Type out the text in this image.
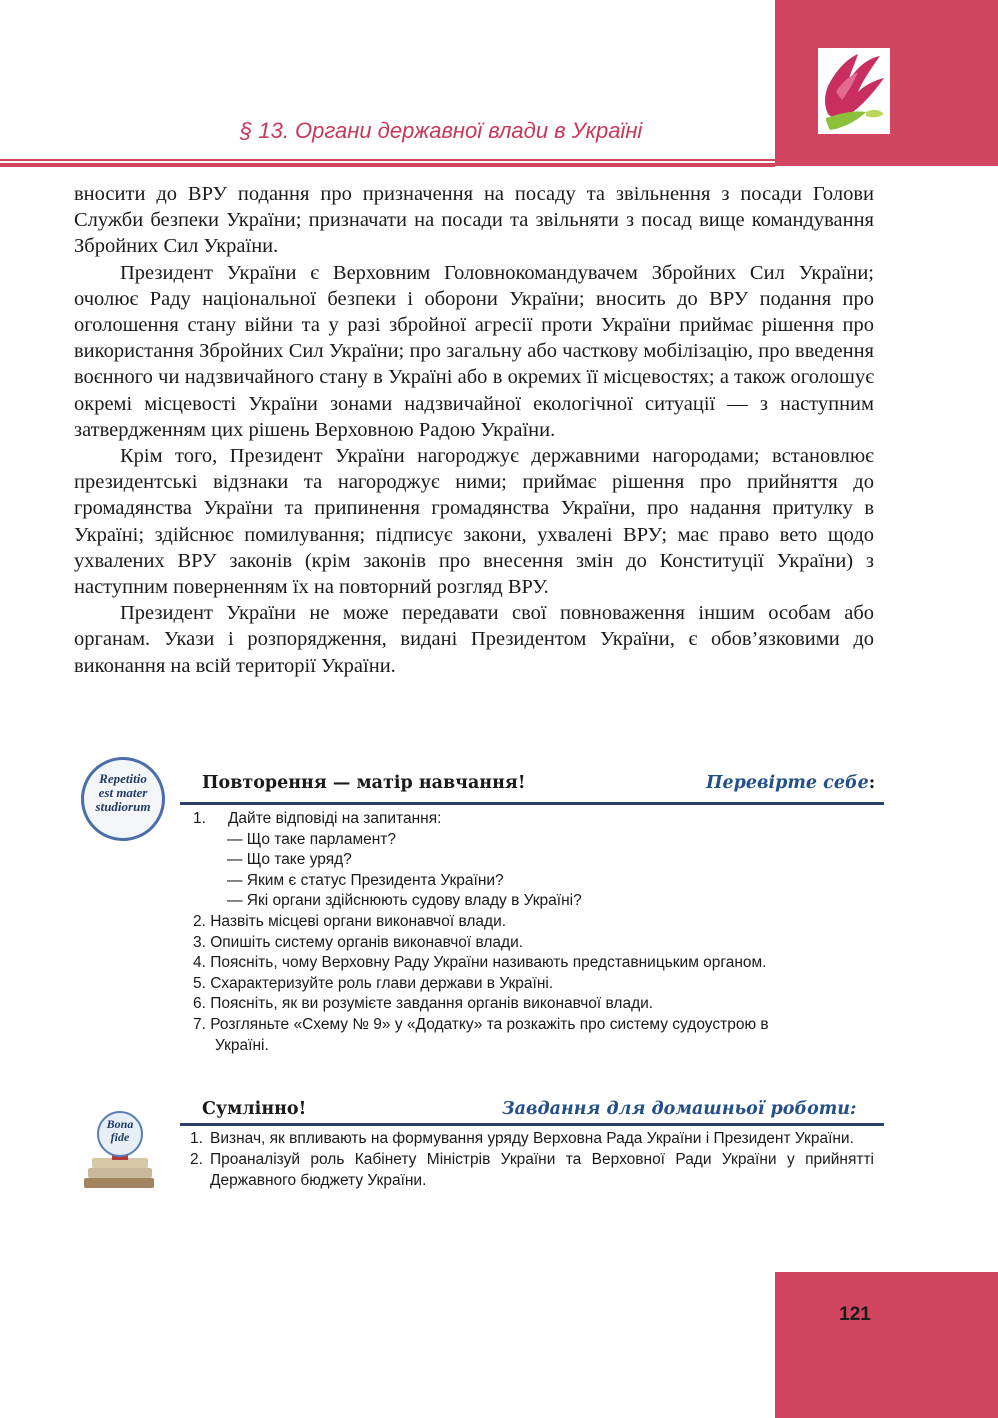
§ 13. Органи державної влади в Україні

вносити до ВРУ подання про призначення на посаду та звільнення з посади Голови Служби безпеки України; призначати на посади та звільняти з посад вище командування Збройних Сил України.

Президент України є Верховним Головнокомандувачем Збройних Сил України; очолює Раду національної безпеки і оборони України; вносить до ВРУ подання про оголошення стану війни та у разі збройної агресії проти України приймає рішення про використання Збройних Сил України; про загальну або часткову мобілізацію, про введення воєнного чи надзвичайного стану в Україні або в окремих її місцевостях; а також оголошує окремі місцевості України зонами надзвичайної екологічної ситуації — з наступним затвердженням цих рішень Верховною Радою України.

Крім того, Президент України нагороджує державними нагородами; встановлює президентські відзнаки та нагороджує ними; приймає рішення про прийняття до громадянства України та припинення громадянства України, про надання притулку в Україні; здійснює помилування; підписує закони, ухвалені ВРУ; має право вето щодо ухвалених ВРУ законів (крім законів про внесення змін до Конституції України) з наступним поверненням їх на повторний розгляд ВРУ.

Президент України не може передавати свої повноваження іншим особам або органам. Укази і розпорядження, видані Президентом України, є обов’язковими до виконання на всій території України.

Repetitio
est mater
studiorum
Повторення — матір навчання!	Перевірте себе:
1. Дайте відповіді на запитання:
— Що таке парламент?
— Що таке уряд?
— Яким є статус Президента України?
— Які органи здійснюють судову владу в Україні?
2. Назвіть місцеві органи виконавчої влади.
3. Опишіть систему органів виконавчої влади.
4. Поясніть, чому Верховну Раду України називають представницьким органом.
5. Схарактеризуйте роль глави держави в Україні.
6. Поясніть, як ви розумієте завдання органів виконавчої влади.
7. Розгляньте «Схему № 9» у «Додатку» та розкажіть про систему судоустрою в
Україні.
Bona
fide
Сумлінно!	Завдання для домашньої роботи:
1. Визнач, як впливають на формування уряду Верховна Рада України і Президент України.
2. Проаналізуй роль Кабінету Міністрів України та Верховної Ради України у прийнятті Державного бюджету України.
121
